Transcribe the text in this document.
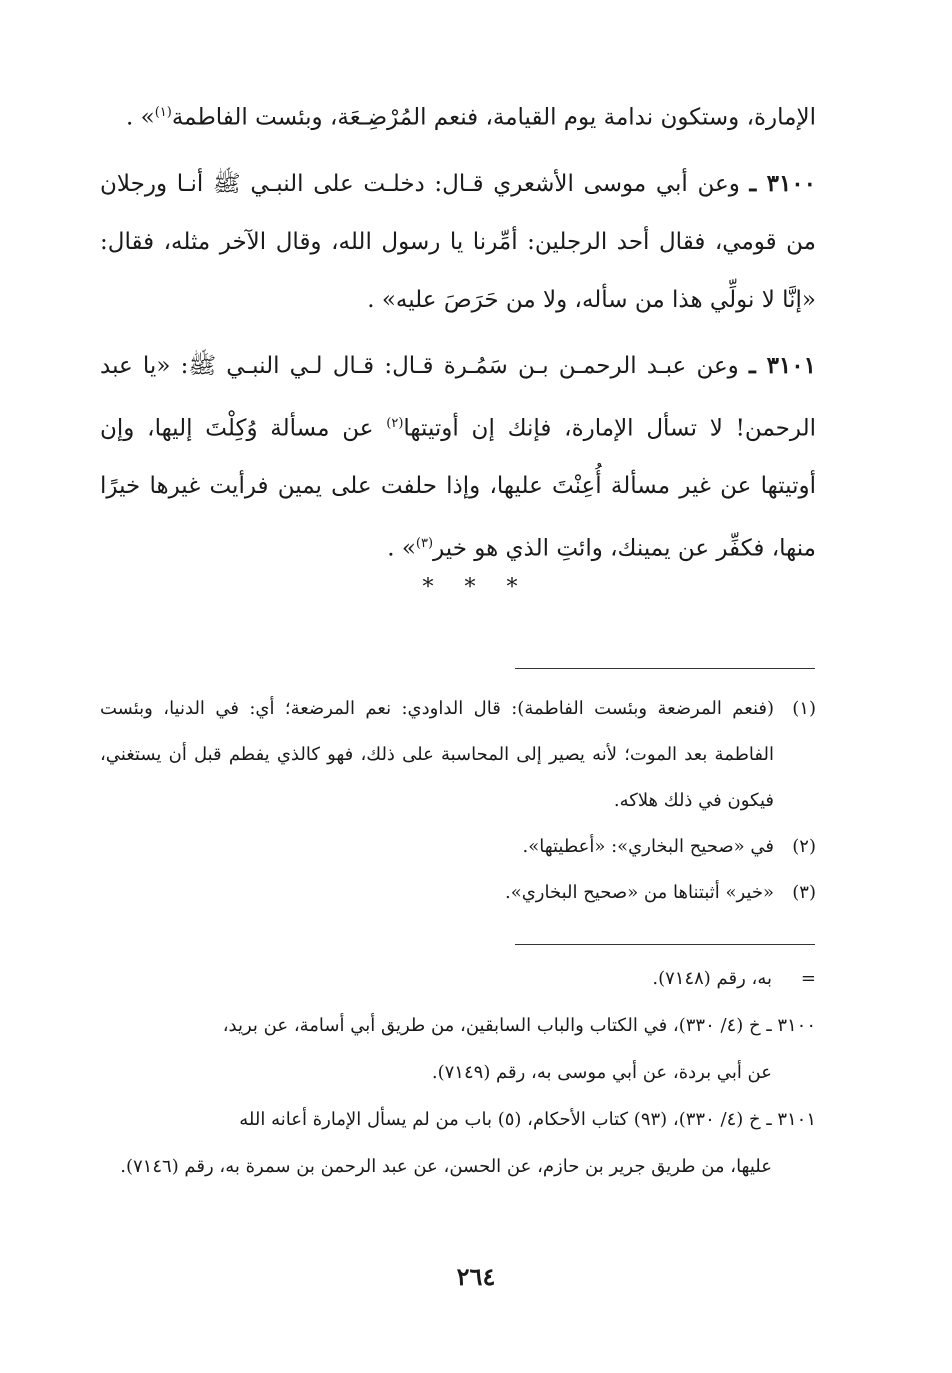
الإمارة، وستكون ندامة يوم القيامة، فنعم المُرْضِـعَة، وبئست الفاطمة$^{(١)}$» .

٣١٠٠ ـ وعن أبي موسى الأشعري قـال: دخلـت على النبـي ﷺ أنـا ورجلان من قومي، فقال أحد الرجلين: أمِّرنا يا رسول الله، وقال الآخر مثله، فقال: «إنَّا لا نولِّي هذا من سأله، ولا من حَرَصَ عليه» .

٣١٠١ ـ وعن عبـد الرحمـن بـن سَمُـرة قـال: قـال لـي النبـي ﷺ: «يا عبد الرحمن! لا تسأل الإمارة، فإنك إن أوتيتها$^{(٢)}$ عن مسألة وُكِلْتَ إليها، وإن أوتيتها عن غير مسألة أُعِنْتَ عليها، وإذا حلفت على يمين فرأيت غيرها خيرًا منها، فكفِّر عن يمينك، وائتِ الذي هو خير$^{(٣)}$» .

* * *

(١)(فنعم المرضعة وبئست الفاطمة): قال الداودي: نعم المرضعة؛ أي: في الدنيا، وبئست الفاطمة بعد الموت؛ لأنه يصير إلى المحاسبة على ذلك، فهو كالذي يفطم قبل أن يستغني، فيكون في ذلك هلاكه.

(٢)في «صحيح البخاري»: «أعطيتها».

(٣)«خير» أثبتناها من «صحيح البخاري».

=به، رقم (٧١٤٨).

٣١٠٠ ـ خ (٤/ ٣٣٠)، في الكتاب والباب السابقين، من طريق أبي أسامة، عن بريد،
عن أبي بردة، عن أبي موسى به، رقم (٧١٤٩).

٣١٠١ ـ خ (٤/ ٣٣٠)، (٩٣) كتاب الأحكام، (٥) باب من لم يسأل الإمارة أعانه الله
عليها، من طريق جرير بن حازم، عن الحسن، عن عبد الرحمن بن سمرة به، رقم (٧١٤٦).

٢٦٤
